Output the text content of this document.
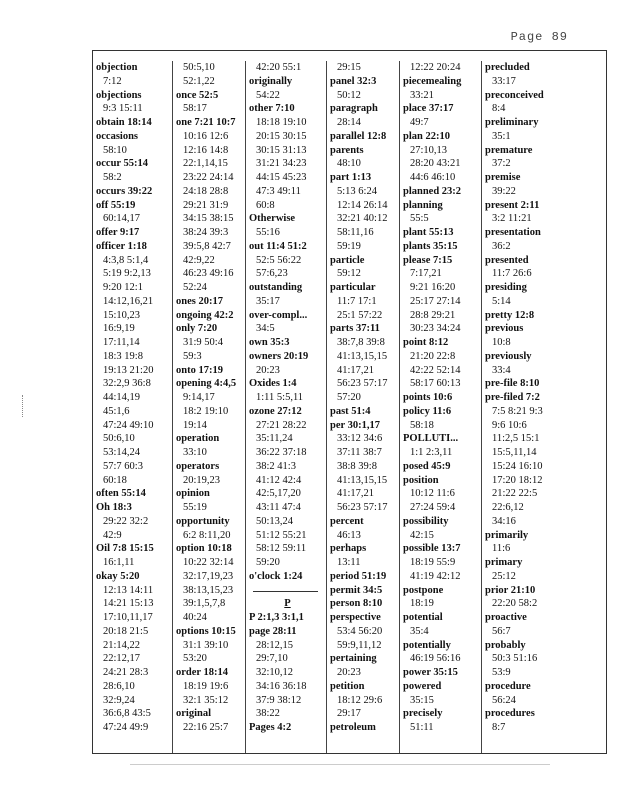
Page 89
objection
7:12
objections
9:3 15:11
obtain 18:14
occasions
58:10
occur 55:14
58:2
occurs 39:22
off 55:19
60:14,17
offer 9:17
officer 1:18
4:3,8 5:1,4
5:19 9:2,13
9:20 12:1
14:12,16,21
15:10,23
16:9,19
17:11,14
18:3 19:8
19:13 21:20
32:2,9 36:8
44:14,19
45:1,6
47:24 49:10
50:6,10
53:14,24
57:7 60:3
60:18
often 55:14
Oh 18:3
29:22 32:2
42:9
Oil 7:8 15:15
16:1,11
okay 5:20
12:13 14:11
14:21 15:13
17:10,11,17
20:18 21:5
21:14,22
22:12,17
24:21 28:3
28:6,10
32:9,24
36:6,8 43:5
47:24 49:9
50:5,10
52:1,22
once 52:5
58:17
one 7:21 10:7
10:16 12:6
12:16 14:8
22:1,14,15
23:22 24:14
24:18 28:8
29:21 31:9
34:15 38:15
38:24 39:3
39:5,8 42:7
42:9,22
46:23 49:16
52:24
ones 20:17
ongoing 42:2
only 7:20
31:9 50:4
59:3
onto 17:19
opening 4:4,5
9:14,17
18:2 19:10
19:14
operation
33:10
operators
20:19,23
opinion
55:19
opportunity
6:2 8:11,20
option 10:18
10:22 32:14
32:17,19,23
38:13,15,23
39:1,5,7,8
40:24
options 10:15
31:1 39:10
53:20
order 18:14
18:19 19:6
32:1 35:12
original
22:16 25:7
42:20 55:1
originally
54:22
other 7:10
18:18 19:10
20:15 30:15
30:15 31:13
31:21 34:23
44:15 45:23
47:3 49:11
60:8
Otherwise
55:16
out 11:4 51:2
52:5 56:22
57:6,23
outstanding
35:17
over-compl...
34:5
own 35:3
owners 20:19
20:23
Oxides 1:4
1:11 5:5,11
ozone 27:12
27:21 28:22
35:11,24
36:22 37:18
38:2 41:3
41:12 42:4
42:5,17,20
43:11 47:4
50:13,24
51:12 55:21
58:12 59:11
59:20
o'clock 1:24
P
P 2:1,3 3:1,1
page 28:11
28:12,15
29:7,10
32:10,12
34:16 36:18
37:9 38:12
38:22
Pages 4:2
29:15
panel 32:3
50:12
paragraph
28:14
parallel 12:8
parents
48:10
part 1:13
5:13 6:24
12:14 26:14
32:21 40:12
58:11,16
59:19
particle
59:12
particular
11:7 17:1
25:1 57:22
parts 37:11
38:7,8 39:8
41:13,15,15
41:17,21
56:23 57:17
57:20
past 51:4
per 30:1,17
33:12 34:6
37:11 38:7
38:8 39:8
41:13,15,15
41:17,21
56:23 57:17
percent
46:13
perhaps
13:11
period 51:19
permit 34:5
person 8:10
perspective
53:4 56:20
59:9,11,12
pertaining
20:23
petition
18:12 29:6
29:17
petroleum
12:22 20:24
piecemealing
33:21
place 37:17
49:7
plan 22:10
27:10,13
28:20 43:21
44:6 46:10
planned 23:2
planning
55:5
plant 55:13
plants 35:15
please 7:15
7:17,21
9:21 16:20
25:17 27:14
28:8 29:21
30:23 34:24
point 8:12
21:20 22:8
42:22 52:14
58:17 60:13
points 10:6
policy 11:6
58:18
POLLUTI...
1:1 2:3,11
posed 45:9
position
10:12 11:6
27:24 59:4
possibility
42:15
possible 13:7
18:19 55:9
41:19 42:12
postpone
18:19
potential
35:4
potentially
46:19 56:16
power 35:15
powered
35:15
precisely
51:11
precluded
33:17
preconceived
8:4
preliminary
35:1
premature
37:2
premise
39:22
present 2:11
3:2 11:21
presentation
36:2
presented
11:7 26:6
presiding
5:14
pretty 12:8
previous
10:8
previously
33:4
pre-file 8:10
pre-filed 7:2
7:5 8:21 9:3
9:6 10:6
11:2,5 15:1
15:5,11,14
15:24 16:10
17:20 18:12
21:22 22:5
22:6,12
34:16
primarily
11:6
primary
25:12
prior 21:10
22:20 58:2
proactive
56:7
probably
50:3 51:16
53:9
procedure
56:24
procedures
8:7
